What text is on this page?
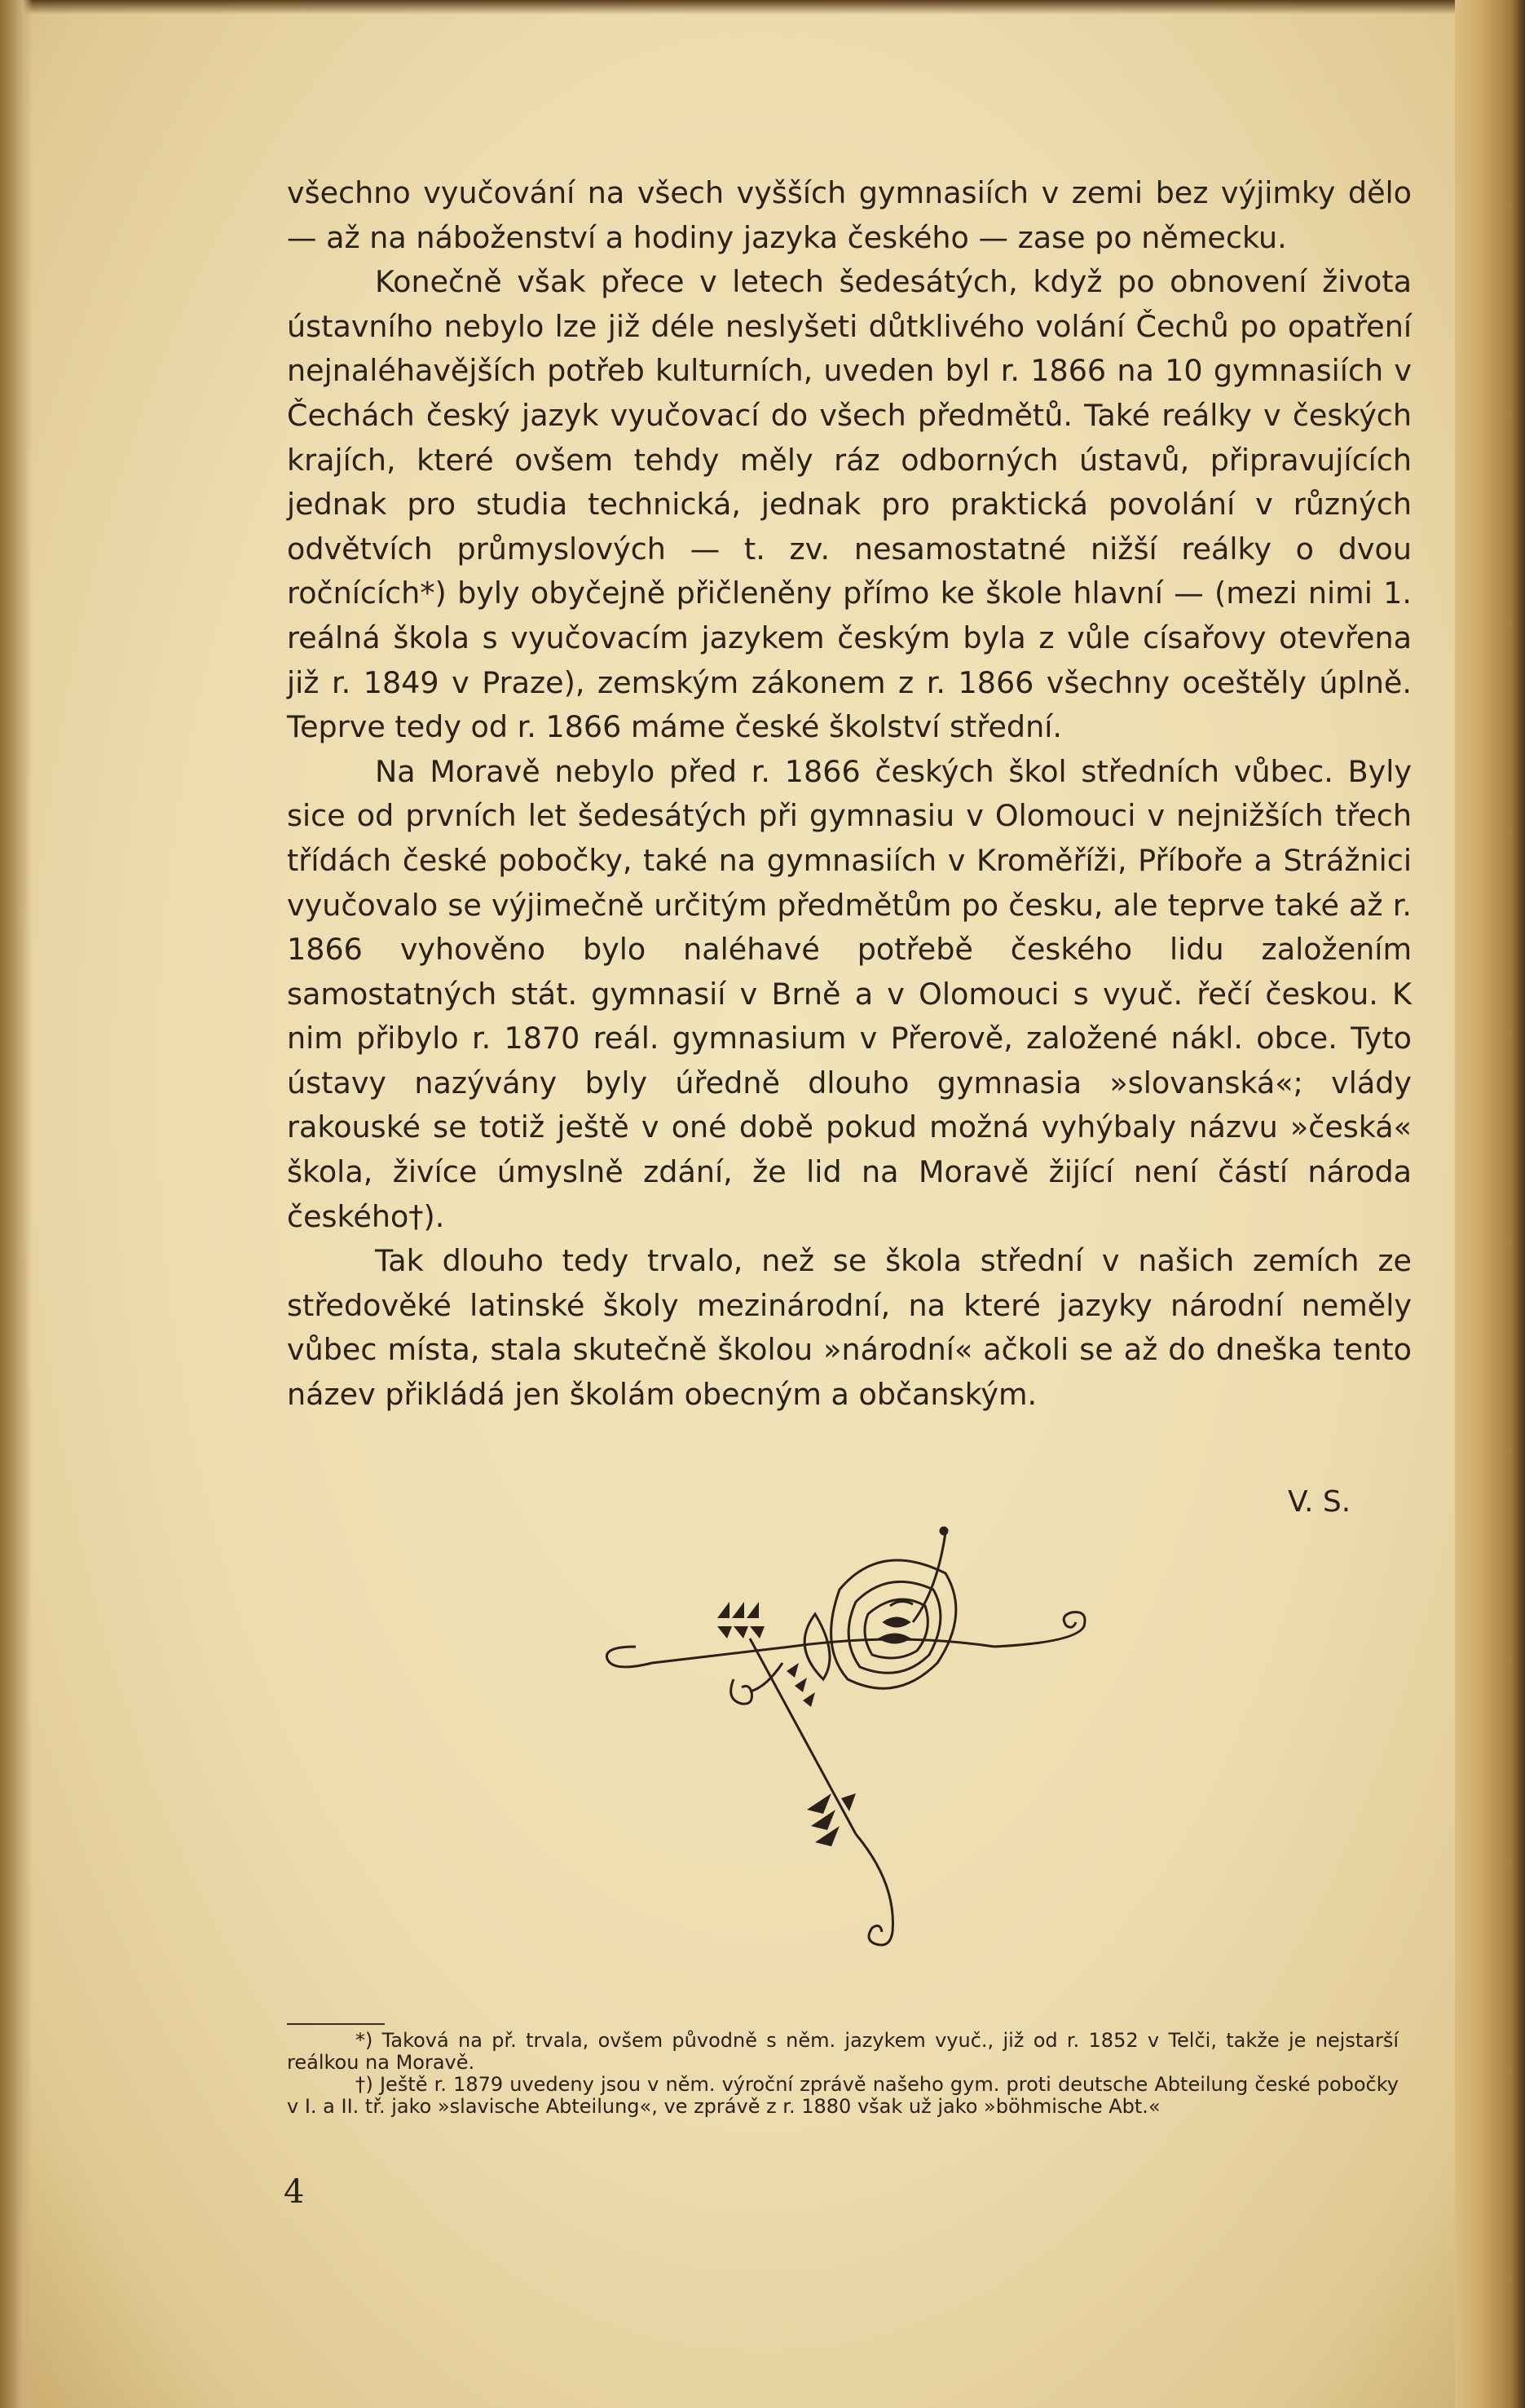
všechno vyučování na všech vyšších gymnasiích v zemi bez výjimky dělo — až na náboženství a hodiny jazyka českého — zase po německu.

Konečně však přece v letech šedesátých, když po obnovení života ústavního nebylo lze již déle neslyšeti důtklivého volání Čechů po opatření nejnaléhavějších potřeb kulturních, uveden byl r. 1866 na 10 gymnasiích v Čechách český jazyk vyučovací do všech předmětů. Také reálky v českých krajích, které ovšem tehdy měly ráz odborných ústavů, připravujících jednak pro studia technická, jednak pro praktická povolání v různých odvětvích průmyslových — t. zv. nesamostatné nižší reálky o dvou ročnících*) byly obyčejně přičleněny přímo ke škole hlavní — (mezi nimi 1. reálná škola s vyučovacím jazykem českým byla z vůle císařovy otevřena již r. 1849 v Praze), zemským zákonem z r. 1866 všechny oceštěly úplně. Teprve tedy od r. 1866 máme české školství střední.

Na Moravě nebylo před r. 1866 českých škol středních vůbec. Byly sice od prvních let šedesátých při gymnasiu v Olomouci v nejnižších třech třídách české pobočky, také na gymnasiích v Kroměříži, Příboře a Strážnici vyučovalo se výjimečně určitým předmětům po česku, ale teprve také až r. 1866 vyhověno bylo naléhavé potřebě českého lidu založením samostatných stát. gymnasií v Brně a v Olomouci s vyuč. řečí českou. K nim přibylo r. 1870 reál. gymnasium v Přerově, založené nákl. obce. Tyto ústavy nazývány byly úředně dlouho gymnasia »slovanská«; vlády rakouské se totiž ještě v oné době pokud možná vyhýbaly názvu »česká« škola, živíce úmyslně zdání, že lid na Moravě žijící není částí národa českého†).

Tak dlouho tedy trvalo, než se škola střední v našich zemích ze středověké latinské školy mezinárodní, na které jazyky národní neměly vůbec místa, stala skutečně školou »národní« ačkoli se až do dneška tento název přikládá jen školám obecným a občanským.

V. S.

*) Taková na př. trvala, ovšem původně s něm. jazykem vyuč., již od r. 1852 v Telči, takže je nejstarší reálkou na Moravě.

†) Ještě r. 1879 uvedeny jsou v něm. výroční zprávě našeho gym. proti deutsche Abteilung české pobočky v I. a II. tř. jako »slavische Abteilung«, ve zprávě z r. 1880 však už jako »böhmische Abt.«

4
